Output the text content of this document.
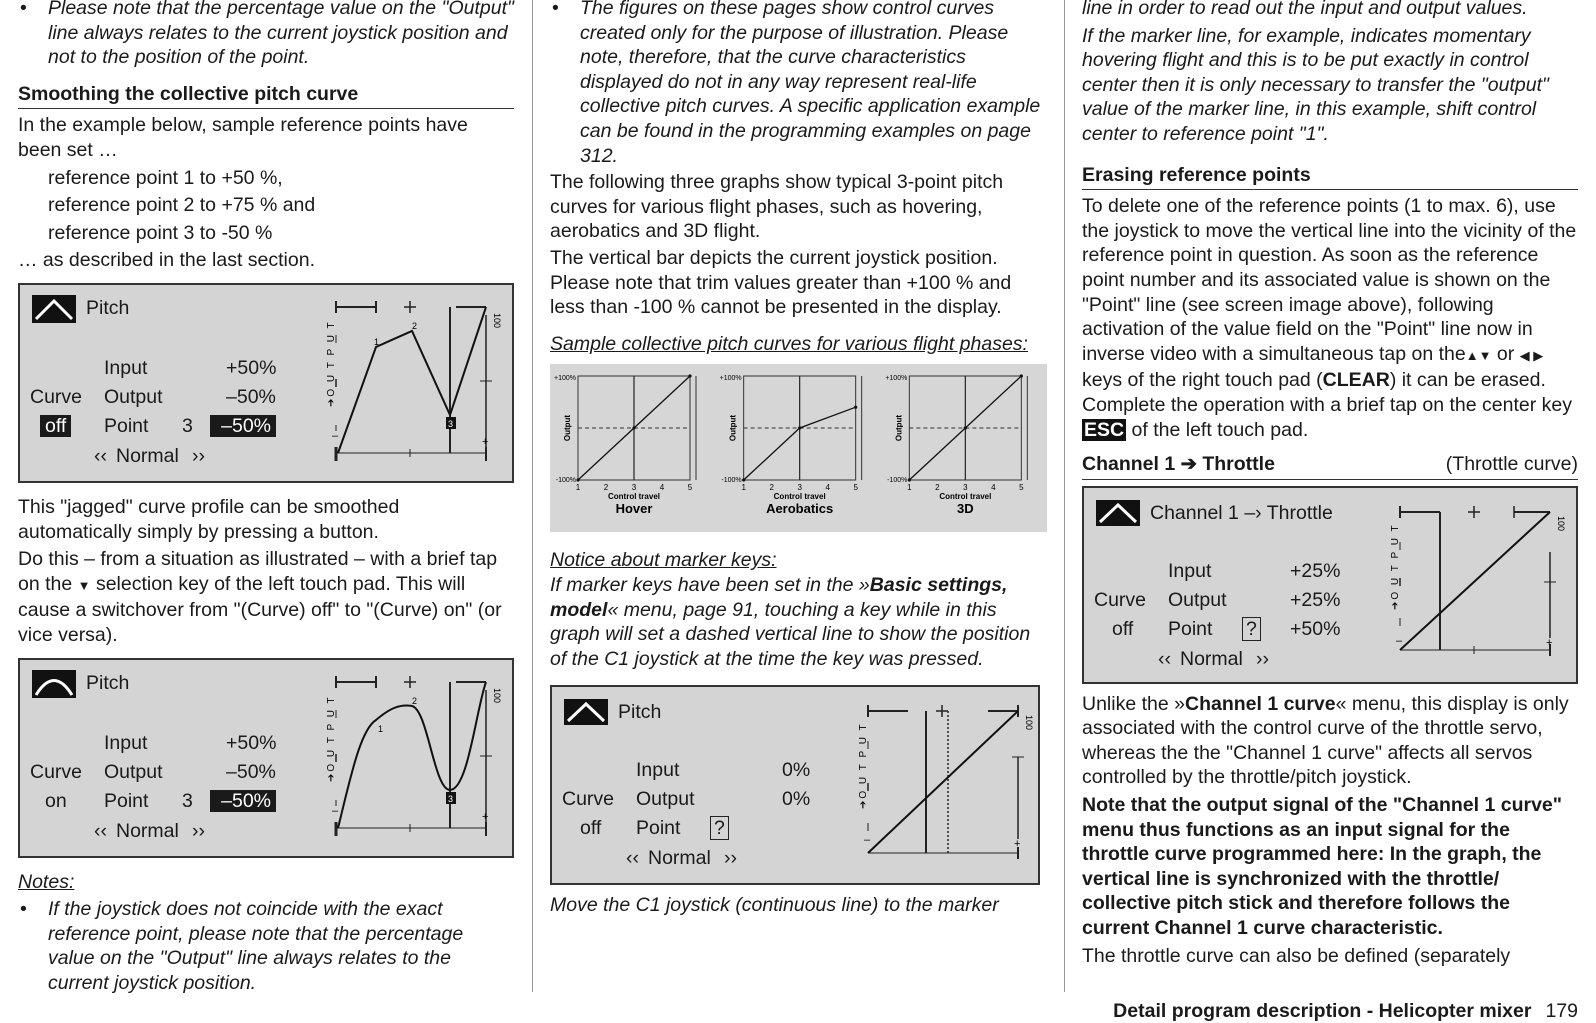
• Please note that the percentage value on the "Output" line always relates to the current joystick position and not to the position of the point.

Smoothing the collective pitch curve

In the example below, sample reference points have been set …

reference point 1 to +50 %,

reference point 2 to +75 % and

reference point 3 to -50 %

… as described in the last section.

Pitch
Input	+50%
Curve Output	–50%
off Point 3	–50%
‹‹ Normal ››
➔O U T P U T	100
1
2
3
+
–

This "jagged" curve profile can be smoothed automatically simply by pressing a button.

Do this – from a situation as illustrated – with a brief tap on the ▼ selection key of the left touch pad. This will cause a switchover from "(Curve) off" to "(Curve) on" (or vice versa).

Pitch
Input	+50%
Curve Output	–50%
on Point 3	–50%
‹‹ Normal ››
➔O U T P U T	100
1
2
3
+
–

Notes:

• If the joystick does not coincide with the exact reference point, please note that the percentage value on the "Output" line always relates to the current joystick position.

• The figures on these pages show control curves created only for the purpose of illustration. Please note, therefore, that the curve characteristics displayed do not in any way represent real-life collective pitch curves. A specific application example can be found in the programming examples on page 312.

The following three graphs show typical 3-point pitch curves for various flight phases, such as hovering, aerobatics and 3D flight.

The vertical bar depicts the current joystick position. Please note that trim values greater than +100 % and less than -100 % cannot be presented in the display.

Sample collective pitch curves for various flight phases:

1	2	3	4	5
+100%
-100%
Output
Control travel
Hover
1	2	3	4	5
+100%
-100%
Output
Control travel
Aerobatics
1	2	3	4	5
+100%
-100%
Output
Control travel
3D

Notice about marker keys:

If marker keys have been set in the »Basic settings, model« menu, page 91, touching a key while in this graph will set a dashed vertical line to show the position of the C1 joystick at the time the key was pressed.

Pitch
Input	0%
Curve Output	0%
off Point ?
‹‹ Normal ››
➔O U T P U T	100
+
–

Move the C1 joystick (continuous line) to the marker

line in order to read out the input and output values.

If the marker line, for example, indicates momentary hovering flight and this is to be put exactly in control center then it is only necessary to transfer the "output" value of the marker line, in this example, shift control center to reference point "1".

Erasing reference points

To delete one of the reference points (1 to max. 6), use the joystick to move the vertical line into the vicinity of the reference point in question. As soon as the reference point number and its associated value is shown on the "Point" line (see screen image above), following activation of the value field on the "Point" line now in inverse video with a simultaneous tap on the▲▼ or ◀ ▶ keys of the right touch pad (CLEAR) it can be erased. Complete the operation with a brief tap on the center key ESC of the left touch pad.

Channel 1 ➔ Throttle	(Throttle curve)
Channel 1 –› Throttle
Input	+25%
Curve Output	+25%
off Point ? +50%
‹‹ Normal ››
➔O U T P U T	100
+
–

Unlike the »Channel 1 curve« menu, this display is only associated with the control curve of the throttle servo, whereas the the "Channel 1 curve" affects all servos controlled by the throttle/pitch joystick.

Note that the output signal of the "Channel 1 curve" menu thus functions as an input signal for the throttle curve programmed here: In the graph, the vertical line is synchronized with the throttle/ collective pitch stick and therefore follows the current Channel 1 curve characteristic.

The throttle curve can also be defined (separately

Detail program description - Helicopter mixer 179
